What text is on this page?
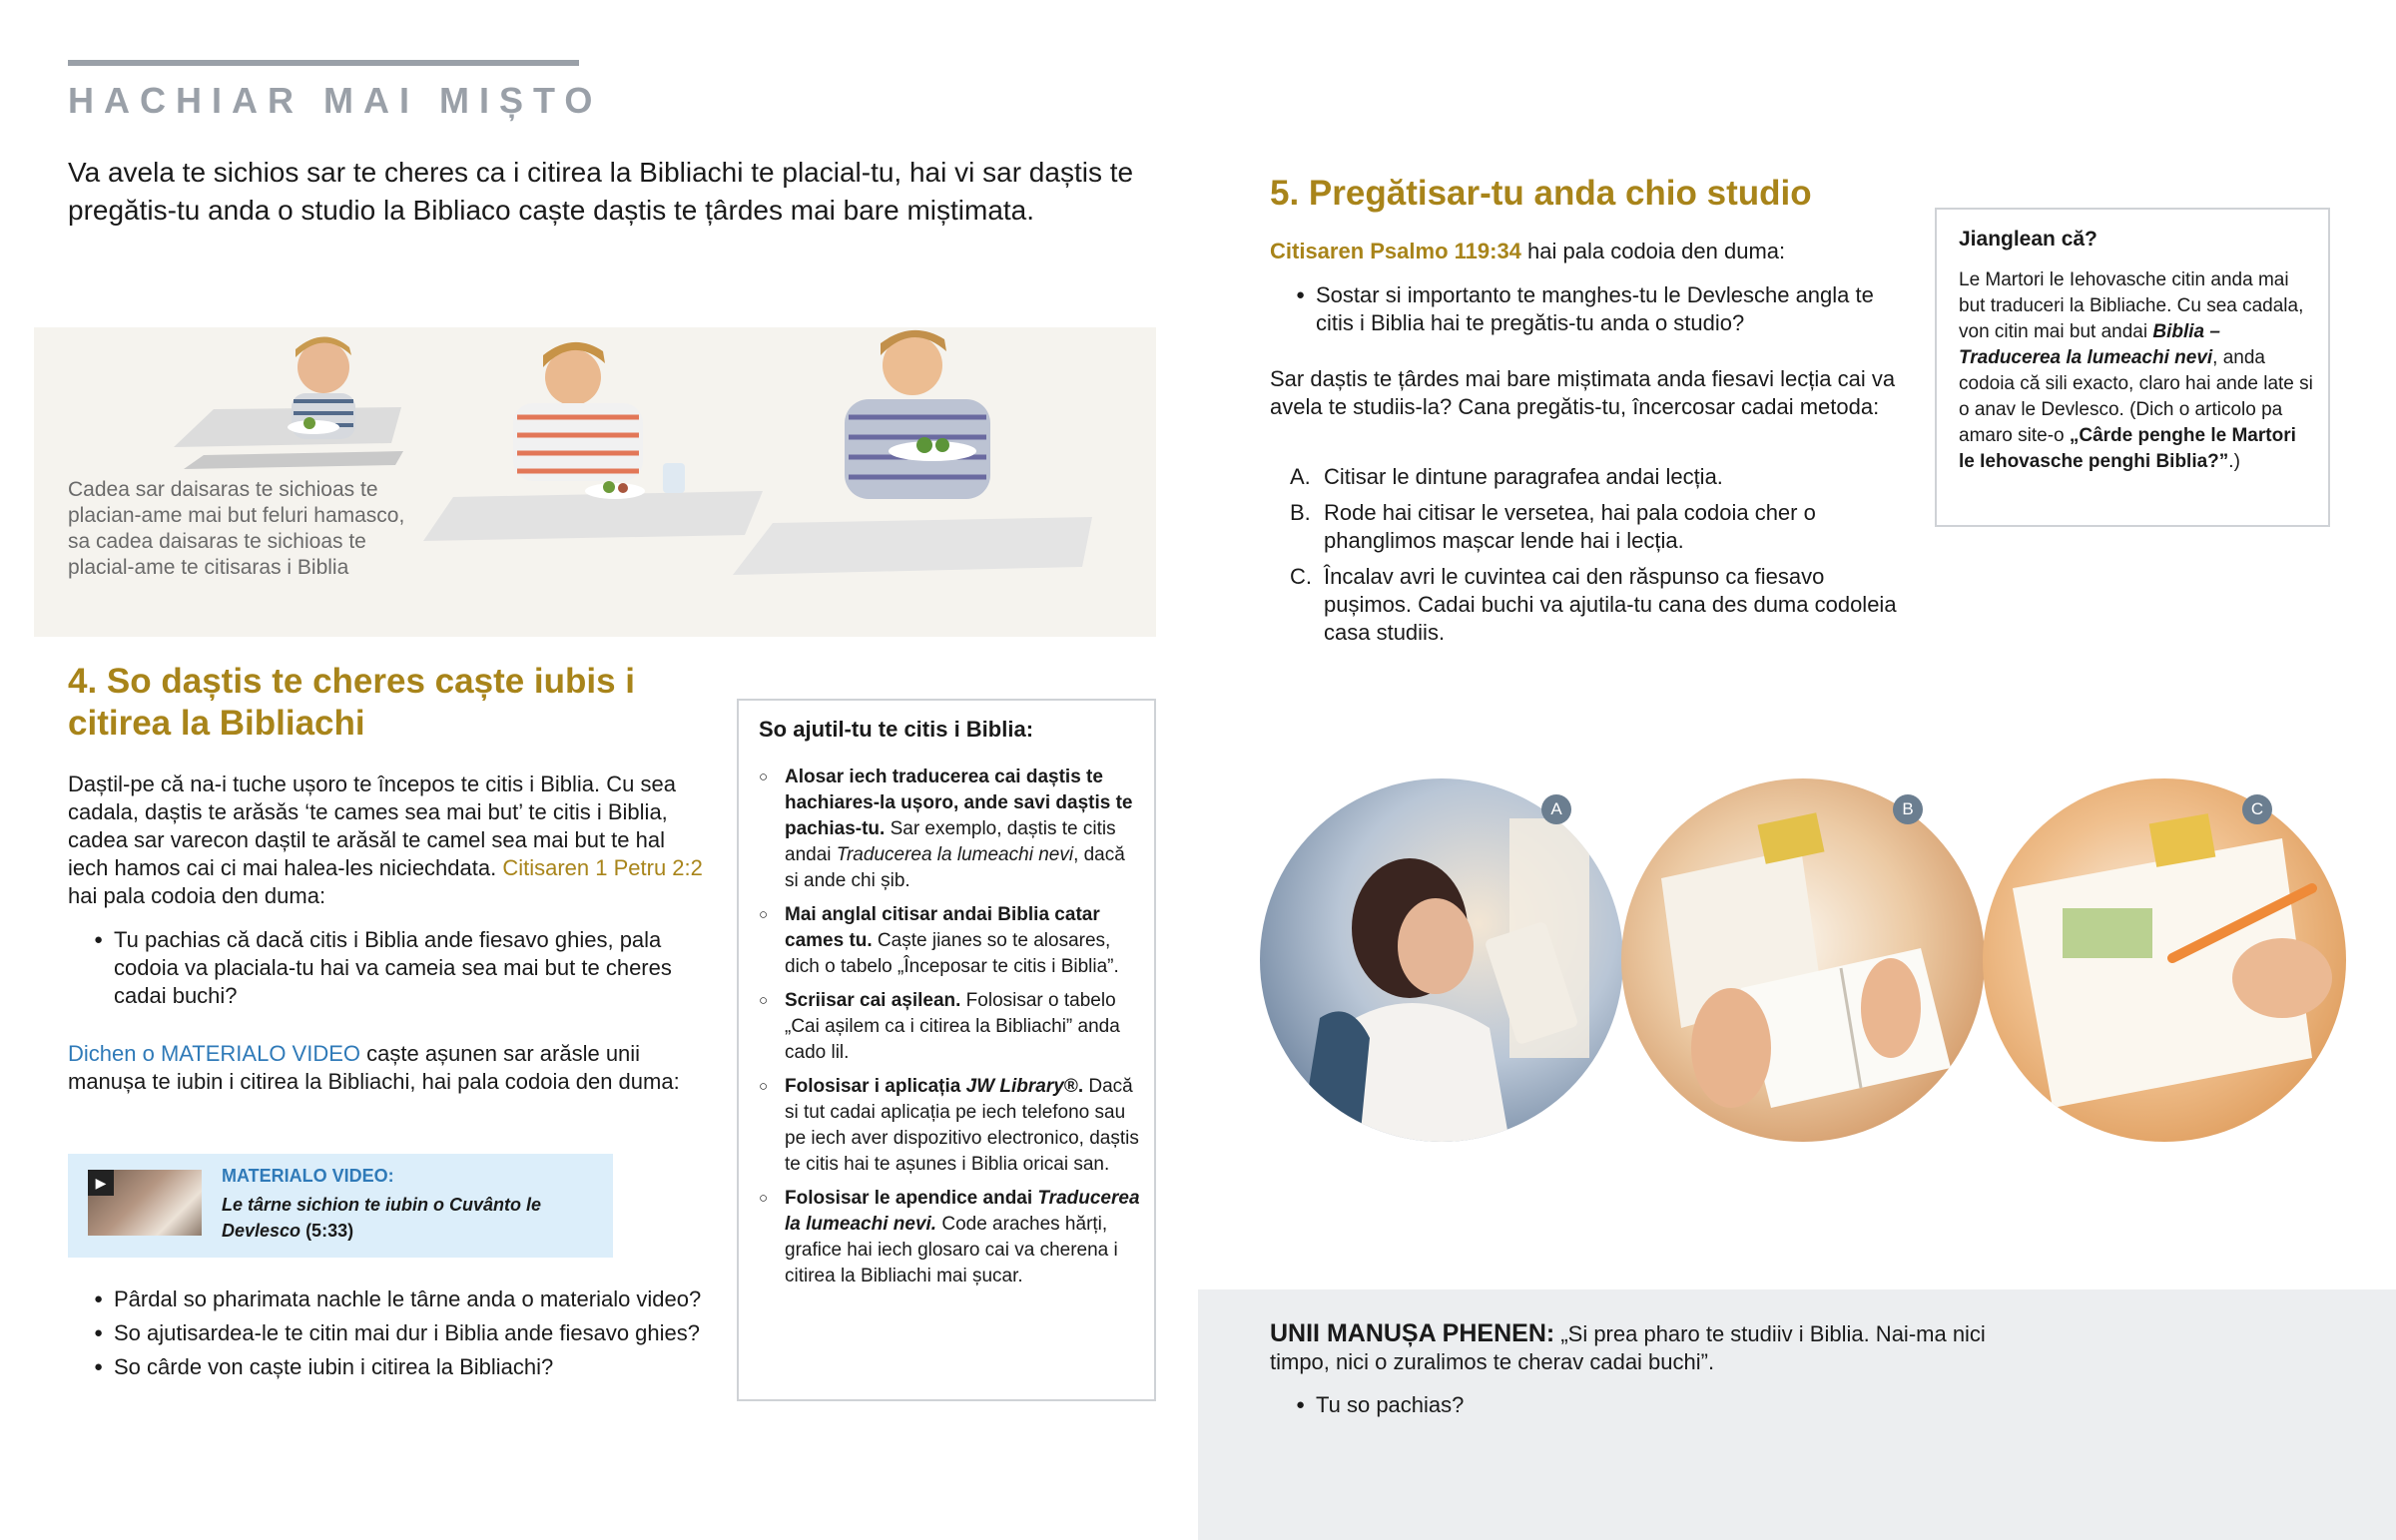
HACHIAR MAI MIȘTO

Va avela te sichios sar te cheres ca i citirea la Bibliachi te placial-tu, hai vi sar daștis te pregătis-tu anda o studio la Bibliaco caște daștis te țârdes mai bare miștimata.

Cadea sar daisaras te sichioas te placian-ame mai but feluri hamasco, sa cadea daisaras te sichioas te placial-ame te citisaras i Biblia

4. So daștis te cheres caște iubis i citirea la Bibliachi

Daștil-pe că na-i tuche ușoro te începos te citis i Biblia. Cu sea cadala, daștis te arăsăs ‘te cames sea mai but’ te citis i Biblia, cadea sar varecon daștil te arăsăl te camel sea mai but te hal iech hamos cai ci mai halea-les niciechdata. Citisaren 1 Petru 2:2 hai pala codoia den duma:

● Tu pachias că dacă citis i Biblia ande fiesavo ghies, pala codoia va placiala-tu hai va cameia sea mai but te cheres cadai buchi?

Dichen o MATERIALO VIDEO caște așunen sar arăsle unii manușa te iubin i citirea la Bibliachi, hai pala codoia den duma:

▶	MATERIALO VIDEO:
Le târne sichion te iubin o Cuvânto le Devlesco (5:33)
● Pârdal so pharimata nachle le târne anda o materialo video?
● So ajutisardea-le te citin mai dur i Biblia ande fiesavo ghies?
● So cârde von caște iubin i citirea la Bibliachi?
So ajutil-tu te citis i Biblia:
○ Alosar iech traducerea cai daștis te hachiares-la ușoro, ande savi daștis te pachias-tu. Sar exemplo, daștis te citis andai Traducerea la lumeachi nevi, dacă si ande chi șib.
○ Mai anglal citisar andai Biblia catar cames tu. Caște jianes so te alosares, dich o tabelo „Începosar te citis i Biblia”.
○ Scriisar cai așilean. Folosisar o tabelo „Cai așilem ca i citirea la Bibliachi” anda cado lil.
○ Folosisar i aplicația JW Library®. Dacă si tut cadai aplicația pe iech telefono sau pe iech aver dispozitivo electronico, daștis te citis hai te așunes i Biblia oricai san.
○ Folosisar le apendice andai Traducerea la lumeachi nevi. Code araches hărți, grafice hai iech glosaro cai va cherena i citirea la Bibliachi mai șucar.
5. Pregătisar-tu anda chio studio

Citisaren Psalmo 119:34 hai pala codoia den duma:

● Sostar si importanto te manghes-tu le Devlesche angla te citis i Biblia hai te pregătis-tu anda o studio?

Sar daștis te țârdes mai bare miștimata anda fiesavi lecția cai va avela te studiis-la? Cana pregătis-tu, încercosar cadai metoda:

A. Citisar le dintune paragrafea andai lecția.
B. Rode hai citisar le versetea, hai pala codoia cher o phanglimos mașcar lende hai i lecția.
C. Încalav avri le cuvintea cai den răspunso ca fiesavo pușimos. Cadai buchi va ajutila-tu cana des duma codoleia casa studiis.
Jianglean că?

Le Martori le Iehovasche citin anda mai but traduceri la Bibliache. Cu sea cadala, von citin mai but andai Biblia – Traducerea la lumeachi nevi, anda codoia că sili exacto, claro hai ande late si o anav le Devlesco. (Dich o articolo pa amaro site-o „Cârde penghe le Martori le Iehovasche penghi Biblia?”.)

A	B	C

UNII MANUȘA PHENEN: „Si prea pharo te studiiv i Biblia. Nai-ma nici timpo, nici o zuralimos te cherav cadai buchi”.

● Tu so pachias?
